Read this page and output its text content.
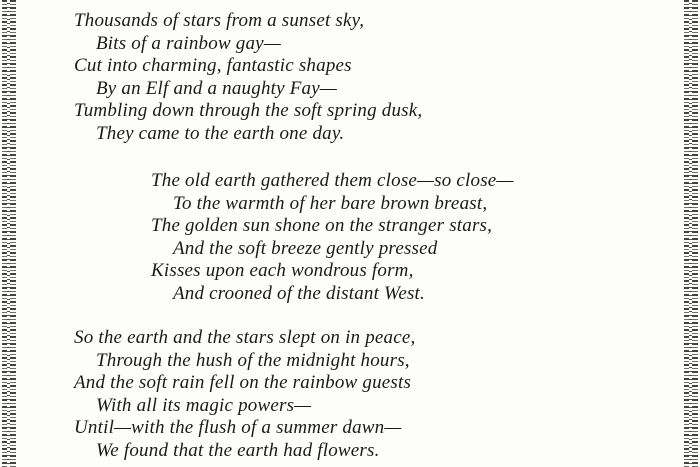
Thousands of stars from a sunset sky,
Bits of a rainbow gay—
Cut into charming, fantastic shapes
By an Elf and a naughty Fay—
Tumbling down through the soft spring dusk,
They came to the earth one day.
The old earth gathered them close—so close—
To the warmth of her bare brown breast,
The golden sun shone on the stranger stars,
And the soft breeze gently pressed
Kisses upon each wondrous form,
And crooned of the distant West.
So the earth and the stars slept on in peace,
Through the hush of the midnight hours,
And the soft rain fell on the rainbow guests
With all its magic powers—
Until—with the flush of a summer dawn—
We found that the earth had flowers.
